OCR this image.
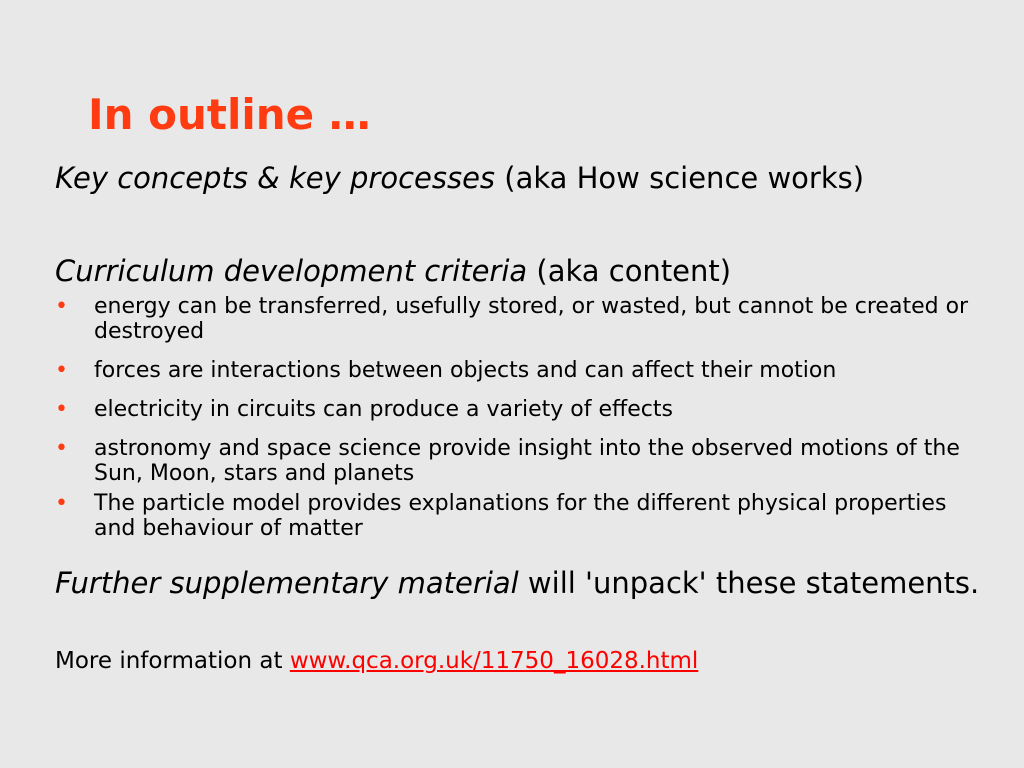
In outline …
Key concepts & key processes (aka How science works)
Curriculum development criteria (aka content)
• energy can be transferred, usefully stored, or wasted, but cannot be created or destroyed
• forces are interactions between objects and can affect their motion
• electricity in circuits can produce a variety of effects
• astronomy and space science provide insight into the observed motions of the Sun, Moon, stars and planets
• The particle model provides explanations for the different physical properties and behaviour of matter
Further supplementary material will 'unpack' these statements.
More information at www.qca.org.uk/11750_16028.html
